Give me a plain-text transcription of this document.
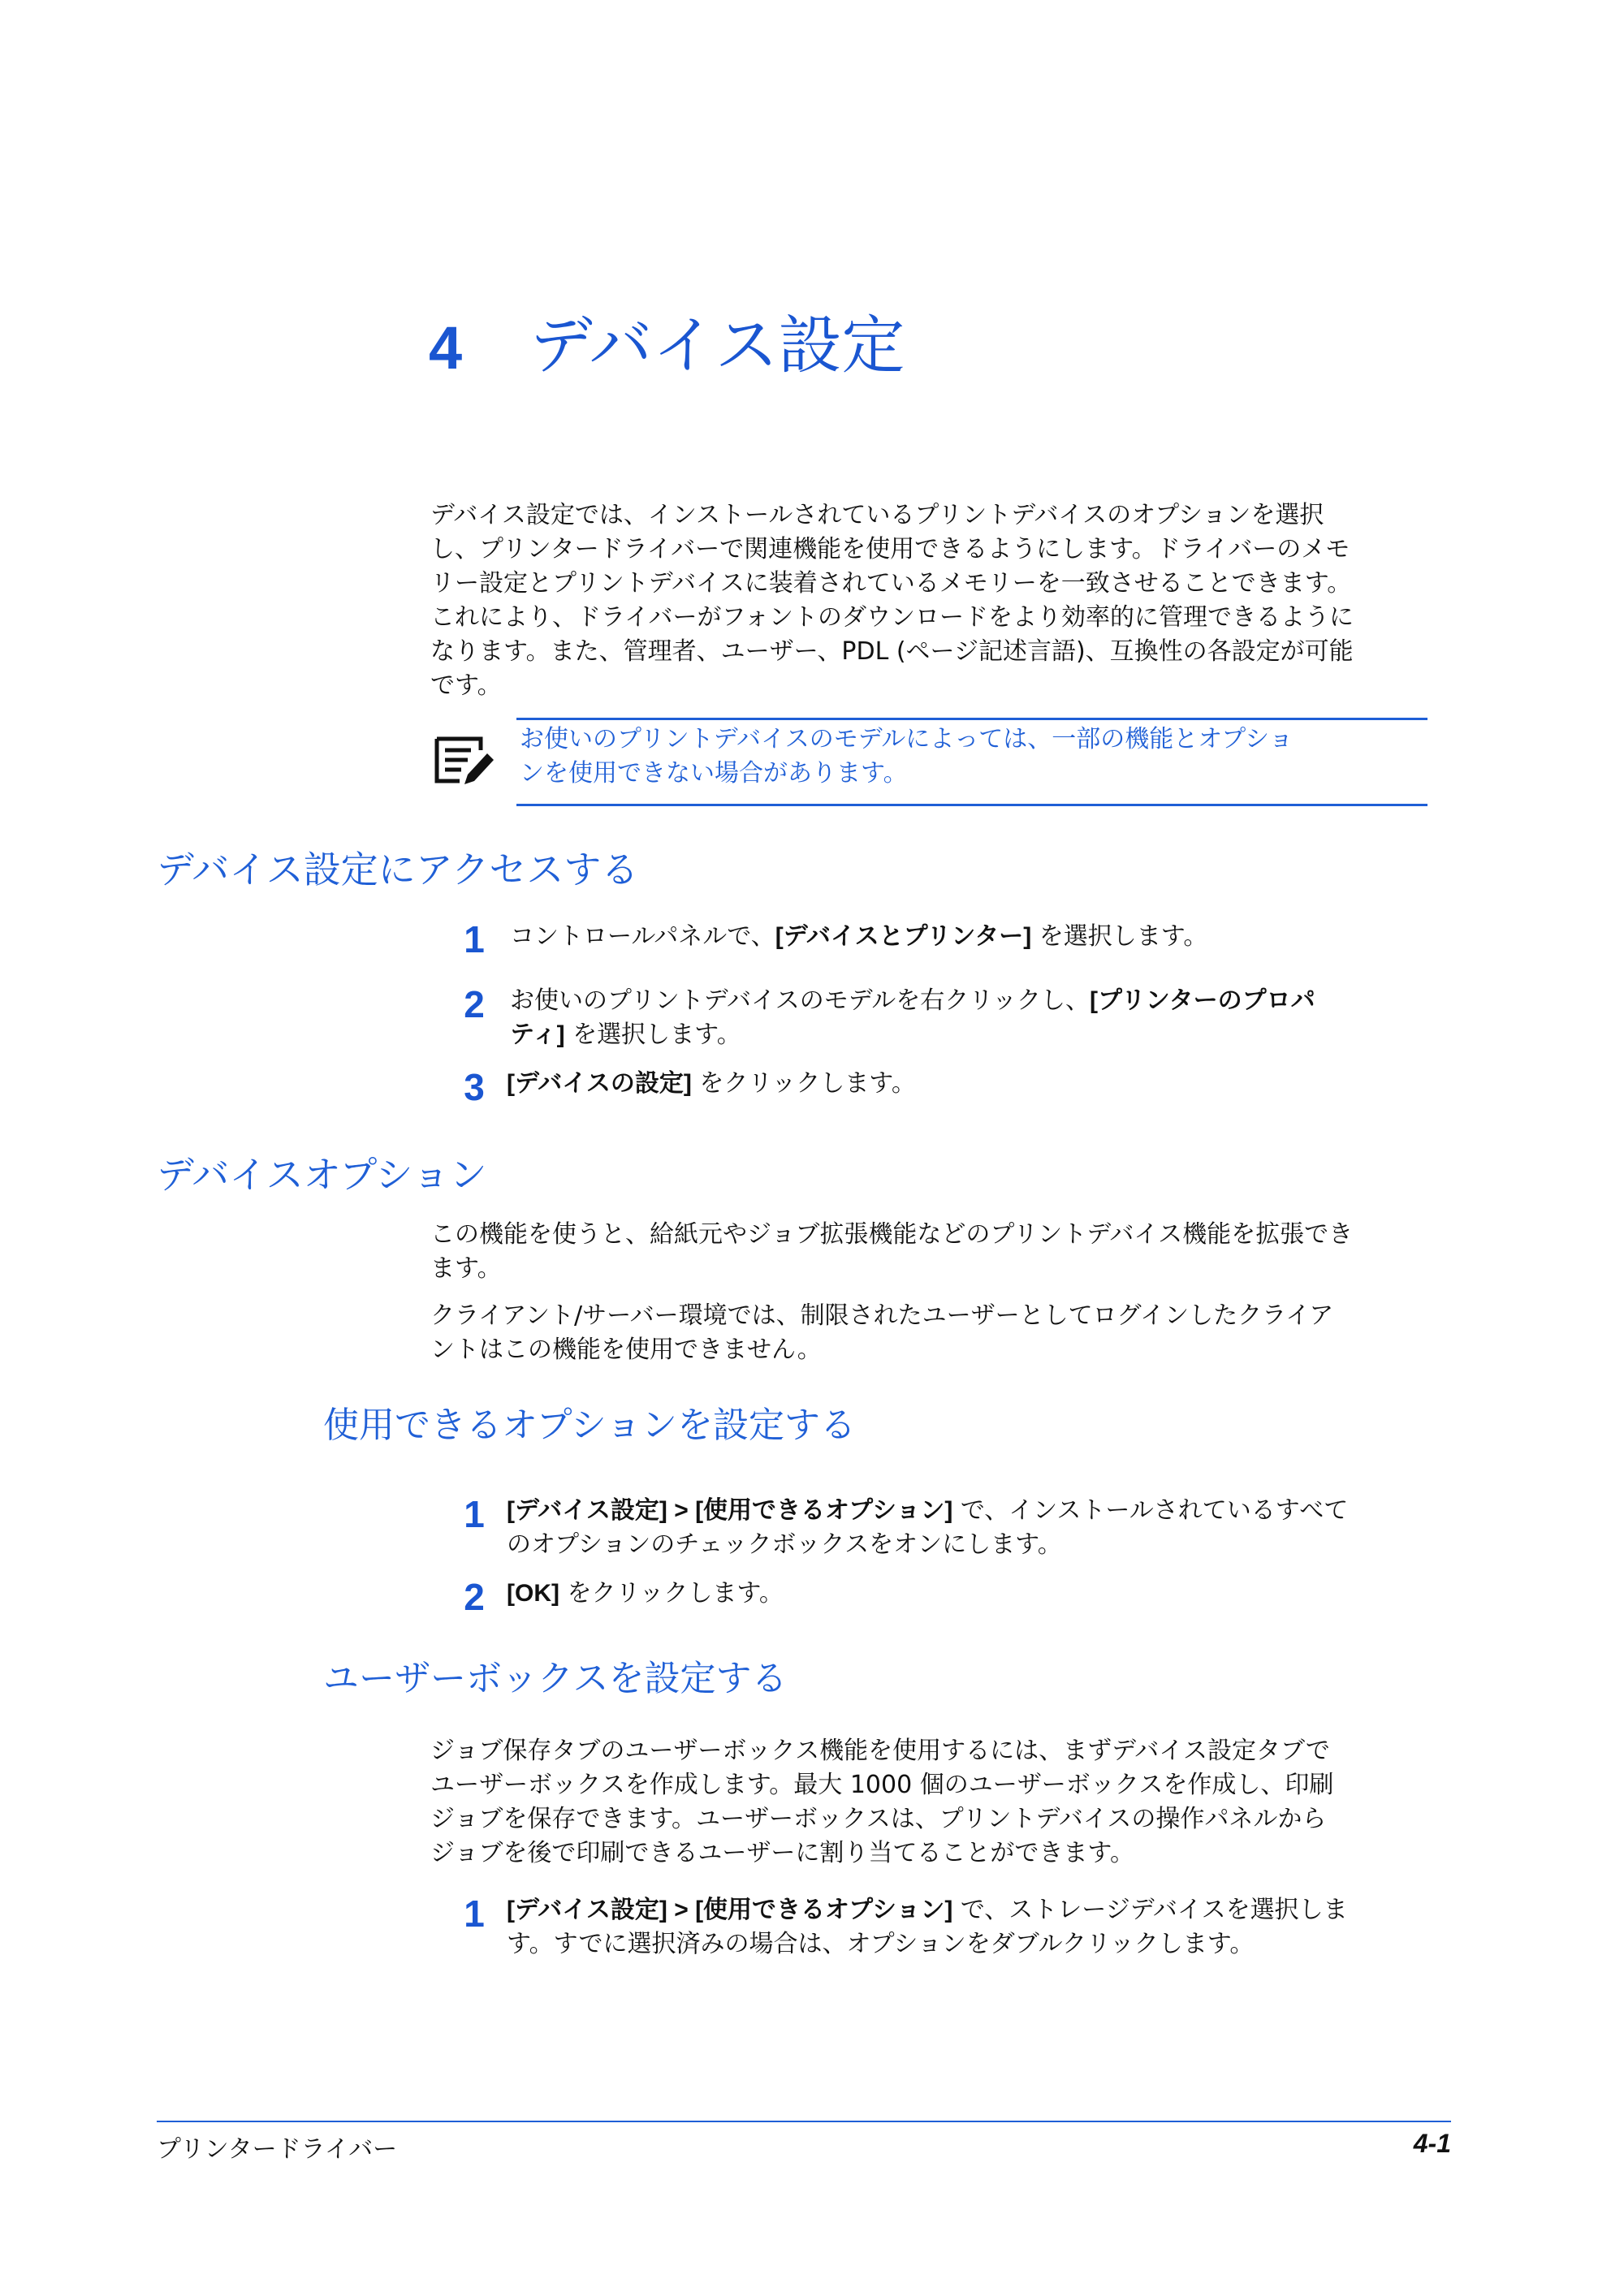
4 デバイス設定
デバイス設定では、インストールされているプリントデバイスのオプションを選択
し、プリンタードライバーで関連機能を使用できるようにします。ドライバーのメモ
リー設定とプリントデバイスに装着されているメモリーを一致させることできます。
これにより、ドライバーがフォントのダウンロードをより効率的に管理できるように
なります。また、管理者、ユーザー、PDL (ページ記述言語)、互換性の各設定が可能
です。
お使いのプリントデバイスのモデルによっては、一部の機能とオプショ
ンを使用できない場合があります。
デバイス設定にアクセスする
1 コントロールパネルで、[デバイスとプリンター] を選択します。
2 お使いのプリントデバイスのモデルを右クリックし、[プリンターのプロパ
ティ] を選択します。
3 [デバイスの設定] をクリックします。
デバイスオプション
この機能を使うと、給紙元やジョブ拡張機能などのプリントデバイス機能を拡張でき
ます。
クライアント/サーバー環境では、制限されたユーザーとしてログインしたクライア
ントはこの機能を使用できません。
使用できるオプションを設定する
1 [デバイス設定] > [使用できるオプション] で、インストールされているすべて
のオプションのチェックボックスをオンにします。
2 [OK] をクリックします。
ユーザーボックスを設定する
ジョブ保存タブのユーザーボックス機能を使用するには、まずデバイス設定タブで
ユーザーボックスを作成します。最大 1000 個のユーザーボックスを作成し、印刷
ジョブを保存できます。ユーザーボックスは、プリントデバイスの操作パネルから
ジョブを後で印刷できるユーザーに割り当てることができます。
1 [デバイス設定] > [使用できるオプション] で、ストレージデバイスを選択しま
す。すでに選択済みの場合は、オプションをダブルクリックします。
プリンタードライバー	4-1
